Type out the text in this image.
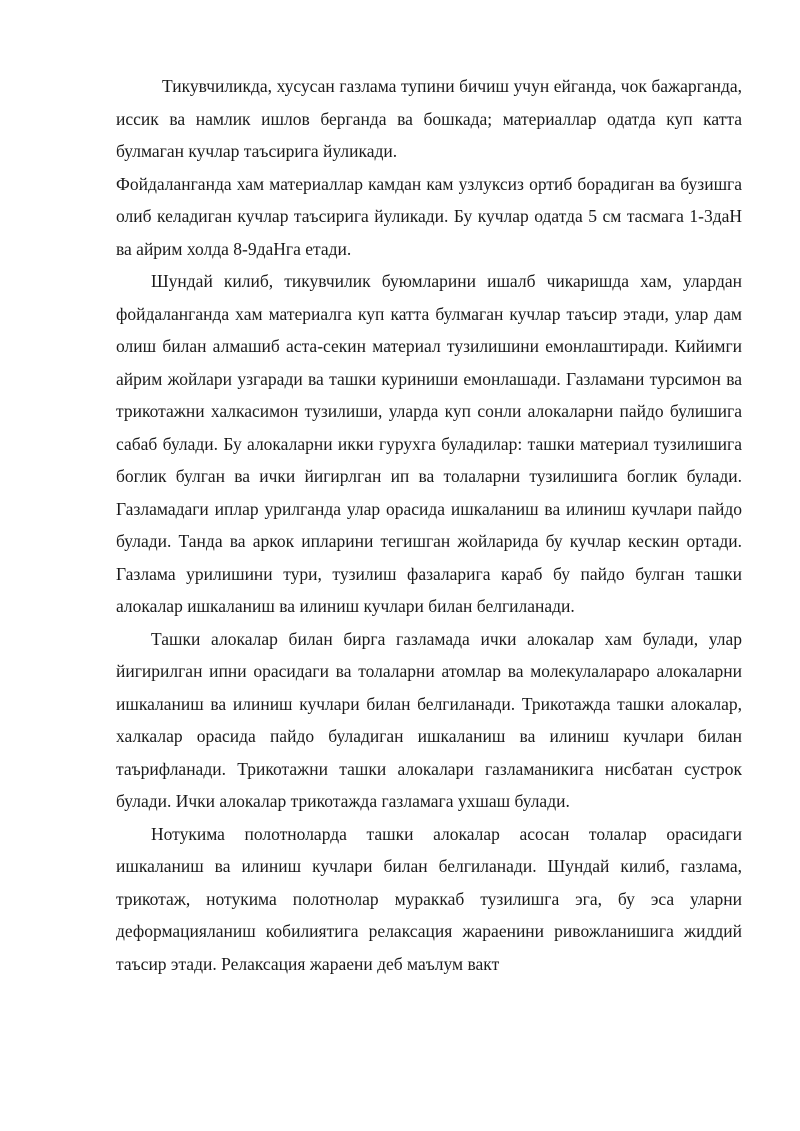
Тикувчиликда, хусусан газлама тупини бичиш учун ейганда, чок бажарганда, иссик ва намлик ишлов берганда ва бошкада; материаллар одатда куп катта булмаган кучлар таъсирига йуликади.

Фойдаланганда хам материаллар камдан кам узлуксиз ортиб борадиган ва бузишга олиб келадиган кучлар таъсирига йуликади. Бу кучлар одатда 5 см тасмага 1-3даН ва айрим холда 8-9даНга етади.

Шундай килиб, тикувчилик буюмларини ишалб чикаришда хам, улардан фойдаланганда хам материалга куп катта булмаган кучлар таъсир этади, улар дам олиш билан алмашиб аста-секин материал тузилишини емонлаштиради. Кийимги айрим жойлари узгаради ва ташки куриниши емонлашади. Газламани турсимон ва трикотажни халкасимон тузилиши, уларда куп сонли алокаларни пайдо булишига сабаб булади. Бу алокаларни икки гурухга буладилар: ташки материал тузилишига боглик булган ва ички йигирлган ип ва толаларни тузилишига боглик булади. Газламадаги иплар урилганда улар орасида ишкаланиш ва илиниш кучлари пайдо булади. Танда ва аркок ипларини тегишган жойларида бу кучлар кескин ортади. Газлама урилишини тури, тузилиш фазаларига караб бу пайдо булган ташки алокалар ишкаланиш ва илиниш кучлари билан белгиланади.

Ташки алокалар билан бирга газламада ички алокалар хам булади, улар йигирилган ипни орасидаги ва толаларни атомлар ва молекулалараро алокаларни ишкаланиш ва илиниш кучлари билан белгиланади. Трикотажда ташки алокалар, халкалар орасида пайдо буладиган ишкаланиш ва илиниш кучлари билан таърифланади. Трикотажни ташки алокалари газламаникига нисбатан сустрок булади. Ички алокалар трикотажда газламага ухшаш булади.

Нотукима полотноларда ташки алокалар асосан толалар орасидаги ишкаланиш ва илиниш кучлари билан белгиланади. Шундай килиб, газлама, трикотаж, нотукима полотнолар мураккаб тузилишга эга, бу эса уларни деформацияланиш кобилиятига релаксация жараенини ривожланишига жиддий таъсир этади. Релаксация жараени деб маълум вакт
